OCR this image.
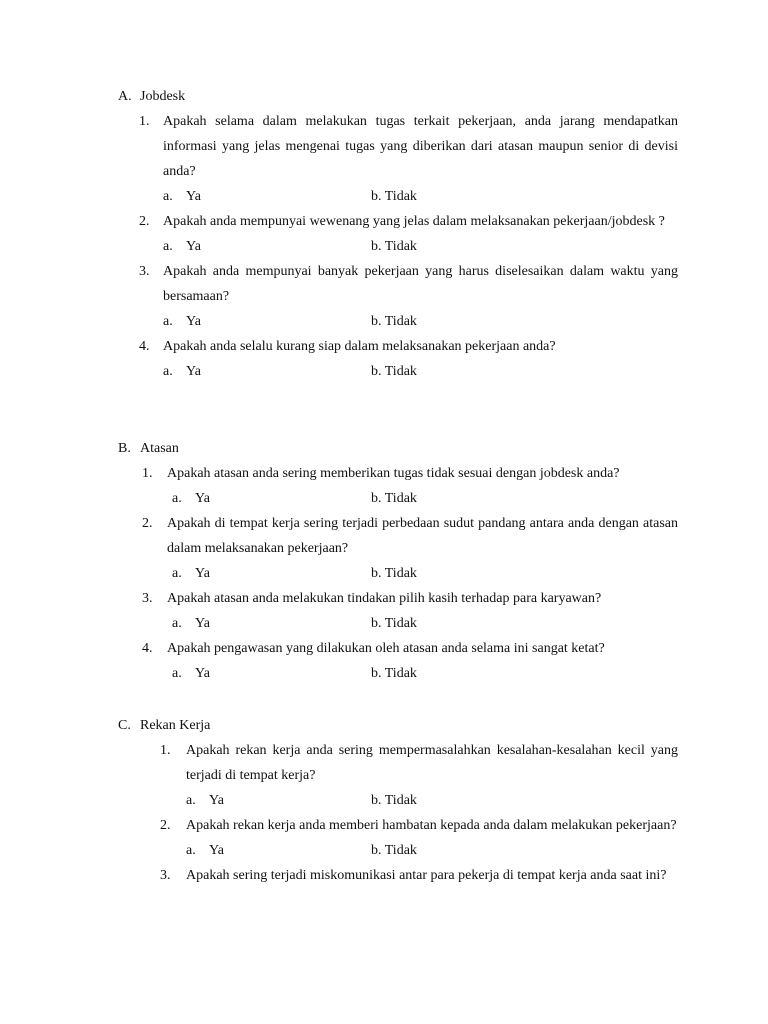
A. Jobdesk
1. Apakah selama dalam melakukan tugas terkait pekerjaan, anda jarang mendapatkan informasi yang jelas mengenai tugas yang diberikan dari atasan maupun senior di devisi anda?
a. Ya	b. Tidak
2. Apakah anda mempunyai wewenang yang jelas dalam melaksanakan pekerjaan/jobdesk ?
a. Ya	b. Tidak
3. Apakah anda mempunyai banyak pekerjaan yang harus diselesaikan dalam waktu yang bersamaan?
a. Ya	b. Tidak
4. Apakah anda selalu kurang siap dalam melaksanakan pekerjaan anda?
a. Ya	b. Tidak
B. Atasan
1.	Apakah atasan anda sering memberikan tugas tidak sesuai dengan jobdesk anda?
a. Ya	b. Tidak
2.	Apakah di tempat kerja sering terjadi perbedaan sudut pandang antara anda dengan atasan dalam melaksanakan pekerjaan?
a. Ya	b. Tidak
3.	Apakah atasan anda melakukan tindakan pilih kasih terhadap para karyawan?
a. Ya	b. Tidak
4.	Apakah pengawasan yang dilakukan oleh atasan anda selama ini sangat ketat?
a. Ya	b. Tidak
C. Rekan Kerja
1.	Apakah rekan kerja anda sering mempermasalahkan kesalahan-kesalahan kecil yang terjadi di tempat kerja?
a. Ya	b. Tidak
2.	Apakah rekan kerja anda memberi hambatan kepada anda dalam melakukan pekerjaan?
a. Ya	b. Tidak
3.	Apakah sering terjadi miskomunikasi antar para pekerja di tempat kerja anda saat ini?
